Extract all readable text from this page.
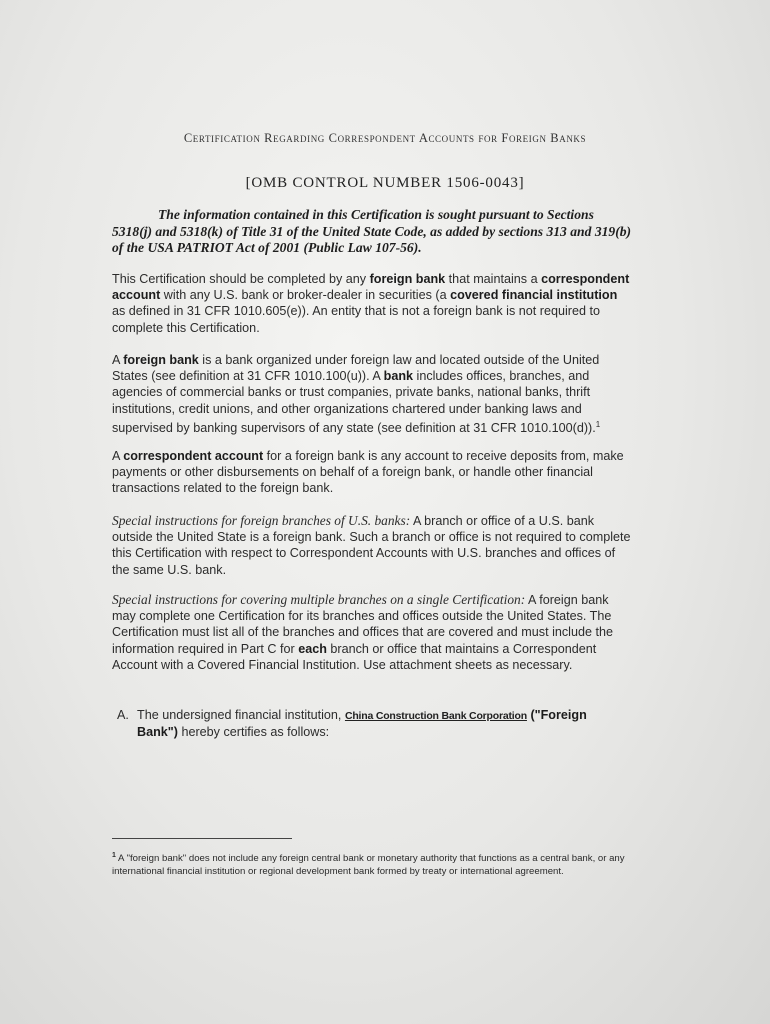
Certification Regarding Correspondent Accounts for Foreign Banks
[OMB CONTROL NUMBER 1506-0043]
The information contained in this Certification is sought pursuant to Sections
5318(j) and 5318(k) of Title 31 of the United State Code, as added by sections 313 and 319(b) of the USA PATRIOT Act of 2001 (Public Law 107-56).
This Certification should be completed by any foreign bank that maintains a correspondent account with any U.S. bank or broker-dealer in securities (a covered financial institution as defined in 31 CFR 1010.605(e)). An entity that is not a foreign bank is not required to complete this Certification.
A foreign bank is a bank organized under foreign law and located outside of the United States (see definition at 31 CFR 1010.100(u)). A bank includes offices, branches, and agencies of commercial banks or trust companies, private banks, national banks, thrift institutions, credit unions, and other organizations chartered under banking laws and supervised by banking supervisors of any state (see definition at 31 CFR 1010.100(d)).$^1$
A correspondent account for a foreign bank is any account to receive deposits from, make payments or other disbursements on behalf of a foreign bank, or handle other financial transactions related to the foreign bank.
Special instructions for foreign branches of U.S. banks: A branch or office of a U.S. bank outside the United State is a foreign bank. Such a branch or office is not required to complete this Certification with respect to Correspondent Accounts with U.S. branches and offices of the same U.S. bank.
Special instructions for covering multiple branches on a single Certification: A foreign bank may complete one Certification for its branches and offices outside the United States. The Certification must list all of the branches and offices that are covered and must include the information required in Part C for each branch or office that maintains a Correspondent Account with a Covered Financial Institution. Use attachment sheets as necessary.
A. The undersigned financial institution, China Construction Bank Corporation ("Foreign
Bank") hereby certifies as follows:
$^1$ A "foreign bank" does not include any foreign central bank or monetary authority that functions as a central bank, or any international financial institution or regional development bank formed by treaty or international agreement.
